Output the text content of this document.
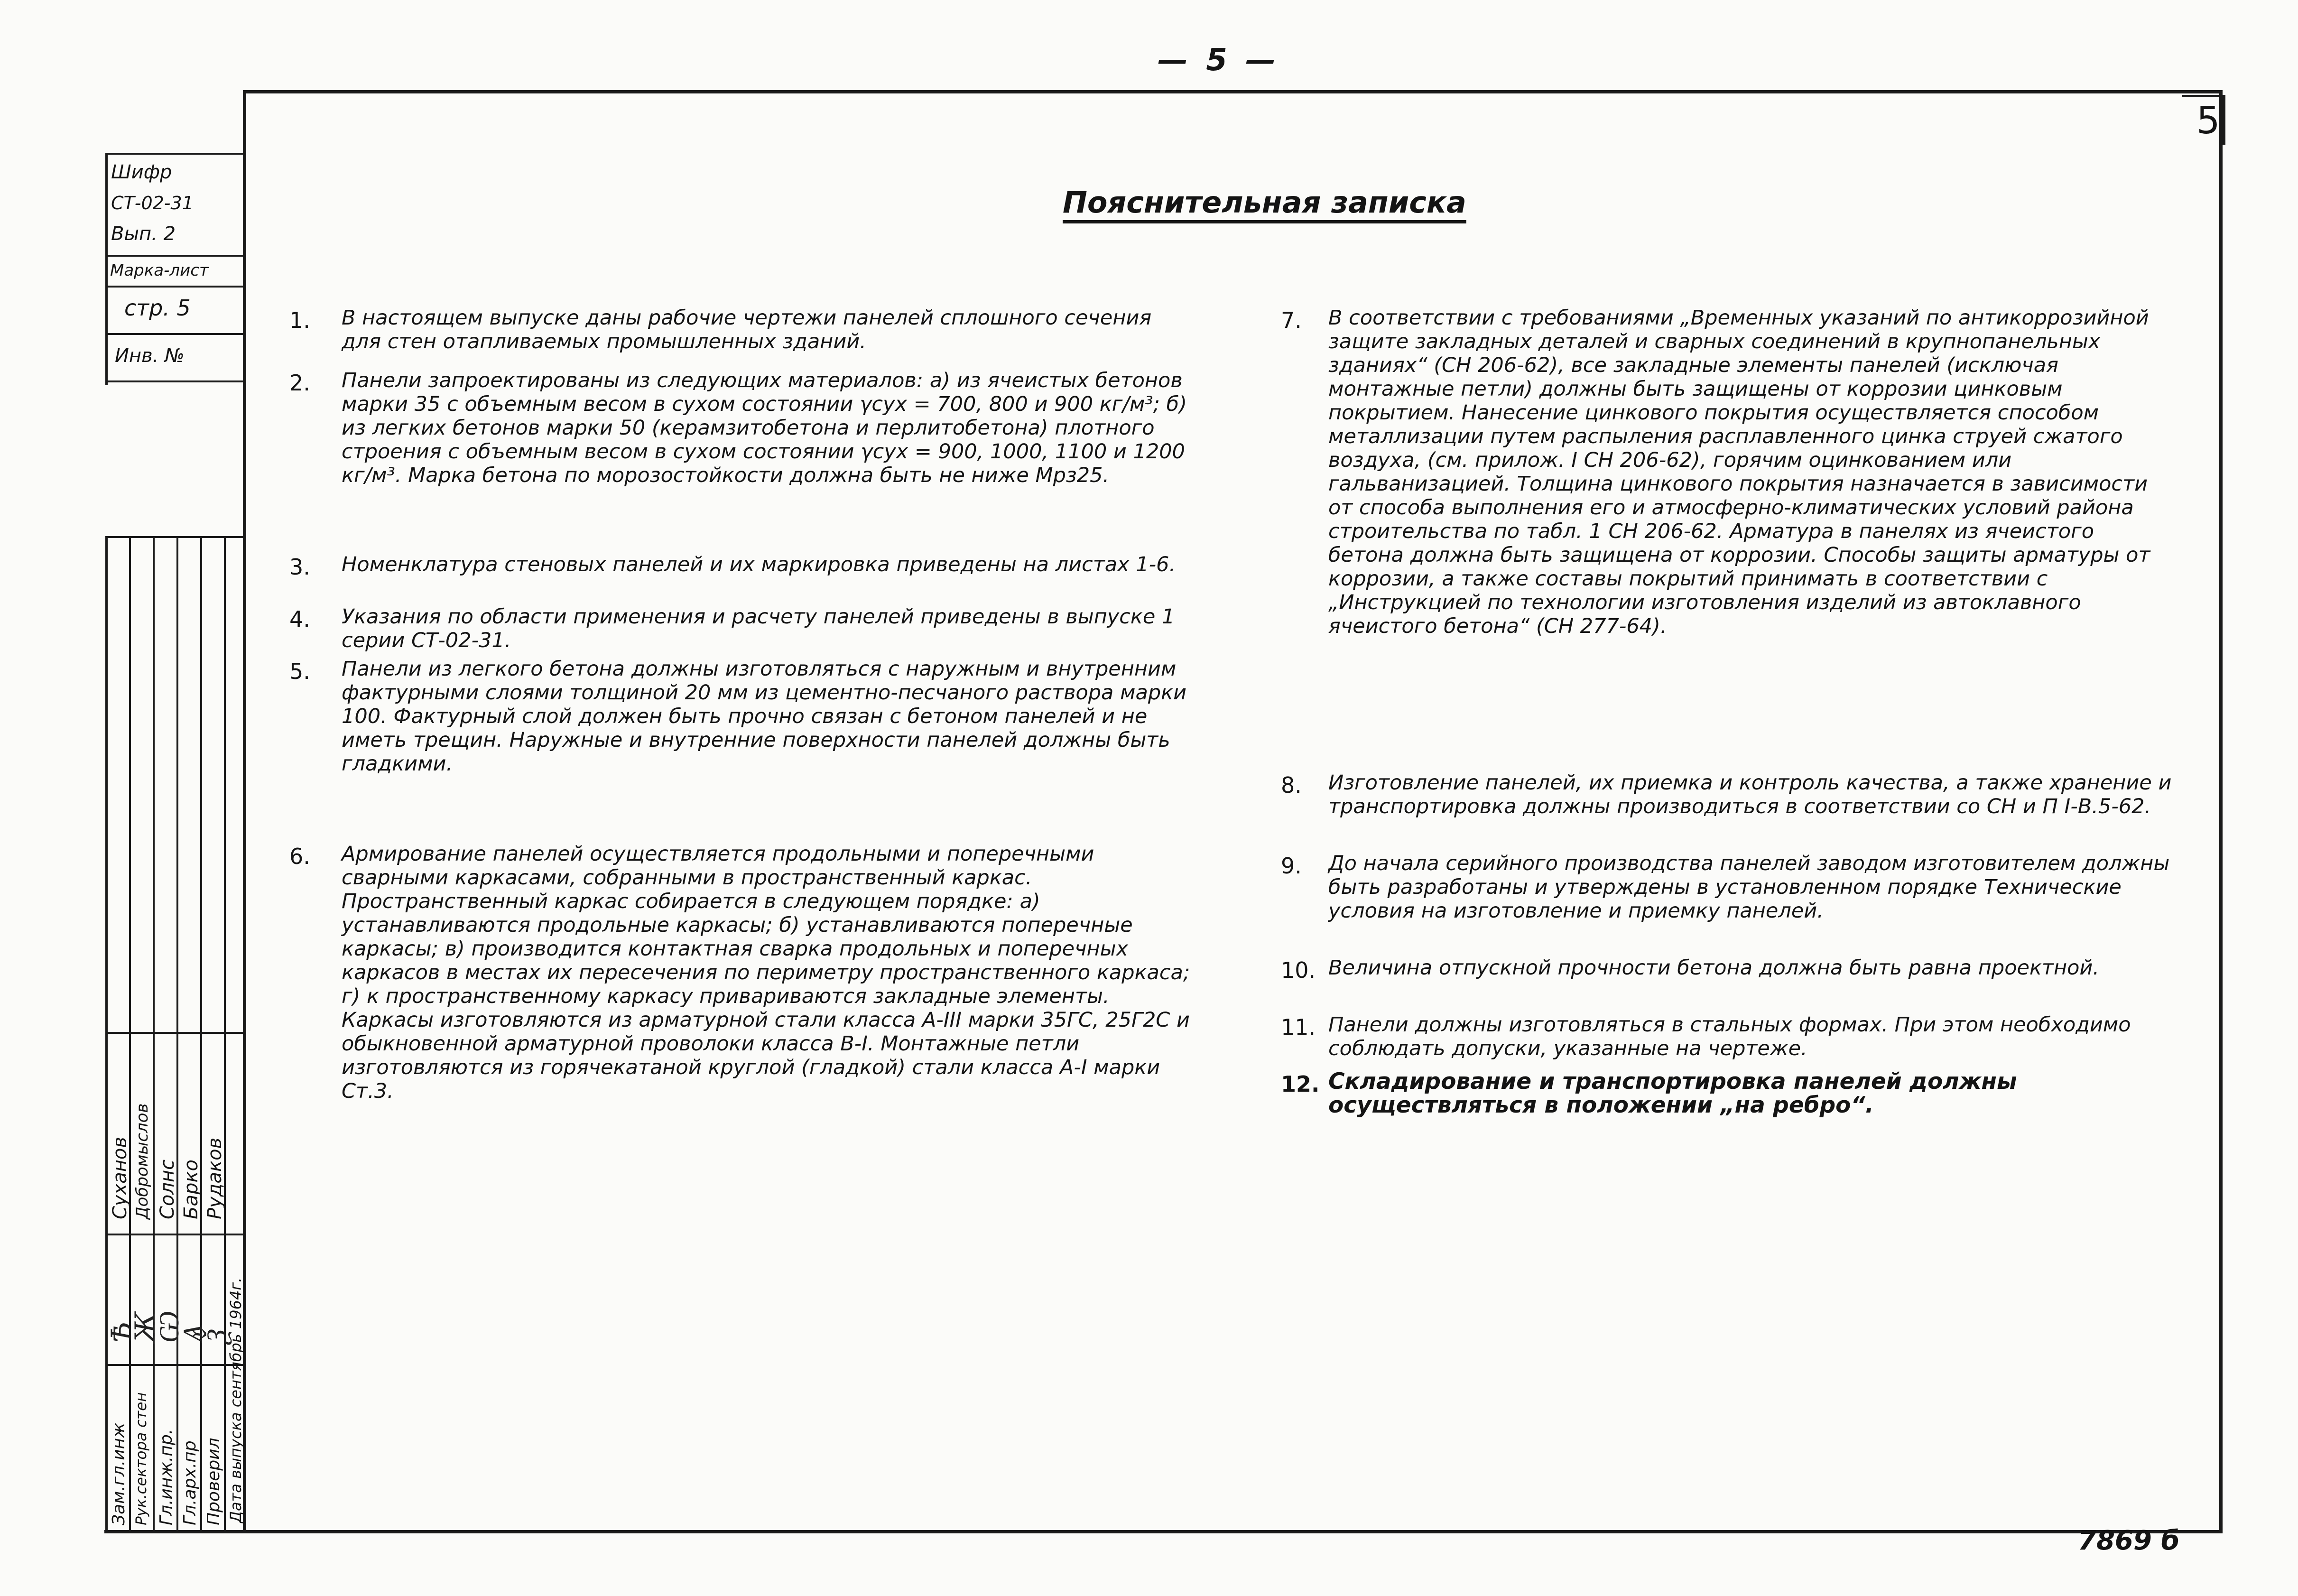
— 5 —
5
Шифр
СТ-02-31
Вып. 2
Марка-лист
стр. 5
Инв. №
Зам.гл.инж Рук.сектора стен Гл.инж.пр. Гл.арх.пр Проверил
Ѣ
Ж
Ѡ
Ѧ
Ѯ
Суханов Добромыслов Солнс Барко Рудаков
Дата выпуска сентябрь 1964г.
Пояснительная записка
1. В настоящем выпуске даны рабочие чертежи панелей сплошного сечения для стен отапливаемых промышленных зданий.
2. Панели запроектированы из следующих материалов: а) из ячеистых бетонов марки 35 с объемным весом в сухом состоянии γсух = 700, 800 и 900 кг/м³; б) из легких бетонов марки 50 (керамзитобетона и перлитобетона) плотного строения с объемным весом в сухом состоянии γсух = 900, 1000, 1100 и 1200 кг/м³. Марка бетона по морозостойкости должна быть не ниже Мрз25.
3. Номенклатура стеновых панелей и их маркировка приведены на листах 1-6.
4. Указания по области применения и расчету панелей приведены в выпуске 1 серии СТ-02-31.
5. Панели из легкого бетона должны изготовляться с наружным и внутренним фактурными слоями толщиной 20 мм из цементно-песчаного раствора марки 100. Фактурный слой должен быть прочно связан с бетоном панелей и не иметь трещин. Наружные и внутренние поверхности панелей должны быть гладкими.
6. Армирование панелей осуществляется продольными и поперечными сварными каркасами, собранными в пространственный каркас. Пространственный каркас собирается в следующем порядке: а) устанавливаются продольные каркасы; б) устанавливаются поперечные каркасы; в) производится контактная сварка продольных и поперечных каркасов в местах их пересечения по периметру пространственного каркаса; г) к пространственному каркасу привариваются закладные элементы. Каркасы изготовляются из арматурной стали класса А-III марки 35ГС, 25Г2С и обыкновенной арматурной проволоки класса В-I. Монтажные петли изготовляются из горячекатаной круглой (гладкой) стали класса А-I марки Ст.3.
7. В соответствии с требованиями „Временных указаний по антикоррозийной защите закладных деталей и сварных соединений в крупнопанельных зданиях“ (СН 206-62), все закладные элементы панелей (исключая монтажные петли) должны быть защищены от коррозии цинковым покрытием. Нанесение цинкового покрытия осуществляется способом металлизации путем распыления расплавленного цинка струей сжатого воздуха, (см. прилож. I СН 206-62), горячим оцинкованием или гальванизацией. Толщина цинкового покрытия назначается в зависимости от способа выполнения его и атмосферно-климатических условий района строительства по табл. 1 СН 206-62. Арматура в панелях из ячеистого бетона должна быть защищена от коррозии. Способы защиты арматуры от коррозии, а также составы покрытий принимать в соответствии с „Инструкцией по технологии изготовления изделий из автоклавного ячеистого бетона“ (СН 277-64).
8. Изготовление панелей, их приемка и контроль качества, а также хранение и транспортировка должны производиться в соответствии со СН и П I-В.5-62.
9. До начала серийного производства панелей заводом изготовителем должны быть разработаны и утверждены в установленном порядке Технические условия на изготовление и приемку панелей.
10. Величина отпускной прочности бетона должна быть равна проектной.
11. Панели должны изготовляться в стальных формах. При этом необходимо соблюдать допуски, указанные на чертеже.
12. Складирование и транспортировка панелей должны осуществляться в положении „на ребро“.
7869 б
